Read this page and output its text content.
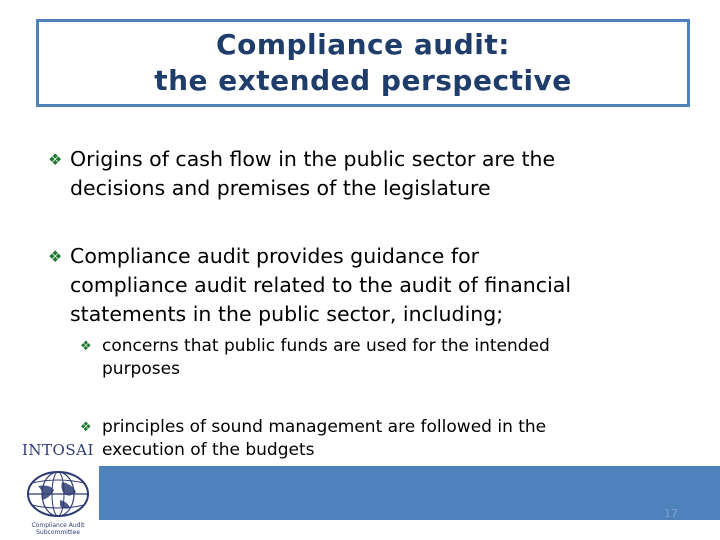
Compliance audit:
the extended perspective
❖ Origins of cash flow in the public sector are the
decisions and premises of the legislature
❖ Compliance audit provides guidance for
compliance audit related to the audit of financial
statements in the public sector, including;
❖ concerns that public funds are used for the intended
purposes
❖ principles of sound management are followed in the
execution of the budgets
INTOSAI
Compliance Audit
Subcommittee
17
